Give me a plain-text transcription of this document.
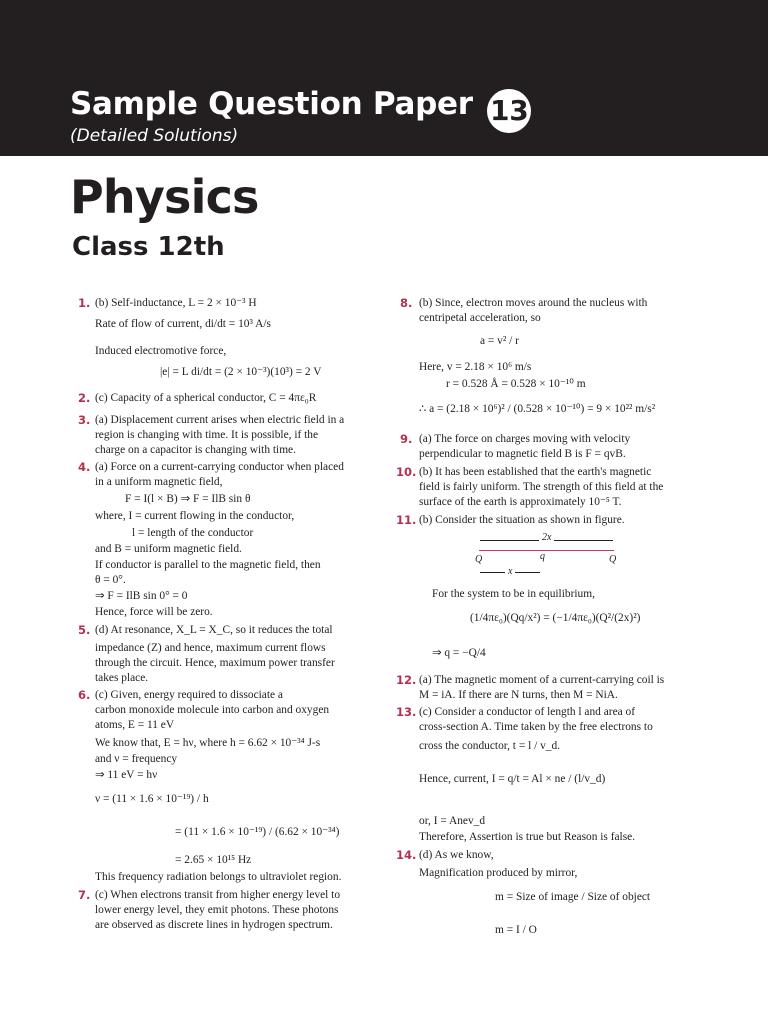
Sample Question Paper 13
(Detailed Solutions)
Physics
Class 12th
1. (b) Self-inductance, L = 2 × 10⁻³ H
Rate of flow of current, di/dt = 10³ A/s
Induced electromotive force,
|e| = L di/dt = (2 × 10⁻³)(10³) = 2 V
2. (c) Capacity of a spherical conductor, C = 4πε₀R
3. (a) Displacement current arises when electric field in a
region is changing with time. It is possible, if the
charge on a capacitor is changing with time.
4. (a) Force on a current-carrying conductor when placed
in a uniform magnetic field,
F = I(l × B) ⇒ F = IlB sin θ
where, I = current flowing in the conductor,
l = length of the conductor
and B = uniform magnetic field.
If conductor is parallel to the magnetic field, then
θ = 0°.
⇒ F = IlB sin 0° = 0
Hence, force will be zero.
5. (d) At resonance, X_L = X_C, so it reduces the total
impedance (Z) and hence, maximum current flows
through the circuit. Hence, maximum power transfer
takes place.
6. (c) Given, energy required to dissociate a
carbon monoxide molecule into carbon and oxygen
atoms, E = 11 eV
We know that, E = hν, where h = 6.62 × 10⁻³⁴ J-s
and ν = frequency
⇒ 11 eV = hν
ν = (11 × 1.6 × 10⁻¹⁹) / h
= (11 × 1.6 × 10⁻¹⁹) / (6.62 × 10⁻³⁴)
= 2.65 × 10¹⁵ Hz
This frequency radiation belongs to ultraviolet region.
7. (c) When electrons transit from higher energy level to
lower energy level, they emit photons. These photons
are observed as discrete lines in hydrogen spectrum.
8. (b) Since, electron moves around the nucleus with
centripetal acceleration, so
a = v² / r
Here, v = 2.18 × 10⁶ m/s
r = 0.528 Å = 0.528 × 10⁻¹⁰ m
∴ a = (2.18 × 10⁶)² / (0.528 × 10⁻¹⁰) = 9 × 10²² m/s²
9. (a) The force on charges moving with velocity
perpendicular to magnetic field B is F = qvB.
10. (b) It has been established that the earth's magnetic
field is fairly uniform. The strength of this field at the
surface of the earth is approximately 10⁻⁵ T.
11. (b) Consider the situation as shown in figure.
2x
Q	q	Q
x
For the system to be in equilibrium,
(1/4πε₀)(Qq/x²) = (−1/4πε₀)(Q²/(2x)²)
⇒ q = −Q/4
12. (a) The magnetic moment of a current-carrying coil is
M = iA. If there are N turns, then M = NiA.
13. (c) Consider a conductor of length l and area of
cross-section A. Time taken by the free electrons to
cross the conductor, t = l / v_d.
Hence, current, I = q/t = Al × ne / (l/v_d)
or, I = Anev_d
Therefore, Assertion is true but Reason is false.
14. (d) As we know,
Magnification produced by mirror,
m = Size of image / Size of object
m = I / O
